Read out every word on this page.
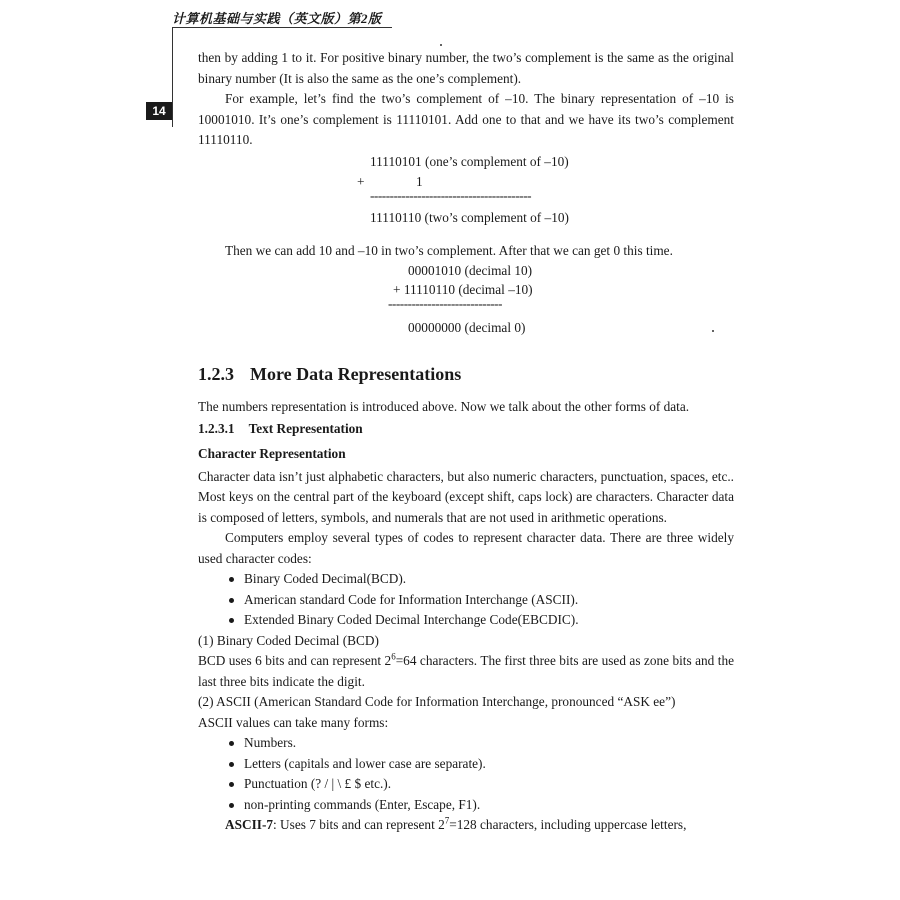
计算机基础与实践（英文版）第2版
14

then by adding 1 to it. For positive binary number, the two’s complement is the same as the original binary number (It is also the same as the one’s complement).

For example, let’s find the two’s complement of –10. The binary representation of –10 is 10001010. It’s one’s complement is 11110101. Add one to that and we have its two’s complement 11110110.

11110101 (one’s complement of –10)
+	1
-----------------------------------------
11110110 (two’s complement of –10)

Then we can add 10 and –10 in two’s complement. After that we can get 0 this time.

00001010 (decimal 10)
+ 11110110 (decimal –10)
-----------------------------
00000000 (decimal 0)
1.2.3 More Data Representations

The numbers representation is introduced above. Now we talk about the other forms of data.

1.2.3.1 Text Representation

Character Representation

Character data isn’t just alphabetic characters, but also numeric characters, punctuation, spaces, etc.. Most keys on the central part of the keyboard (except shift, caps lock) are characters. Character data is composed of letters, symbols, and numerals that are not used in arithmetic operations.

Computers employ several types of codes to represent character data. There are three widely used character codes:

Binary Coded Decimal(BCD).
American standard Code for Information Interchange (ASCII).
Extended Binary Coded Decimal Interchange Code(EBCDIC).

(1) Binary Coded Decimal (BCD)

BCD uses 6 bits and can represent $2^6=64$ characters. The first three bits are used as zone bits and the last three bits indicate the digit.

(2) ASCII (American Standard Code for Information Interchange, pronounced “ASK ee”)

ASCII values can take many forms:

Numbers.
Letters (capitals and lower case are separate).
Punctuation (? / | \ £ $ etc.).
non-printing commands (Enter, Escape, F1).

ASCII-7: Uses 7 bits and can represent $2^7=128$ characters, including uppercase letters,
